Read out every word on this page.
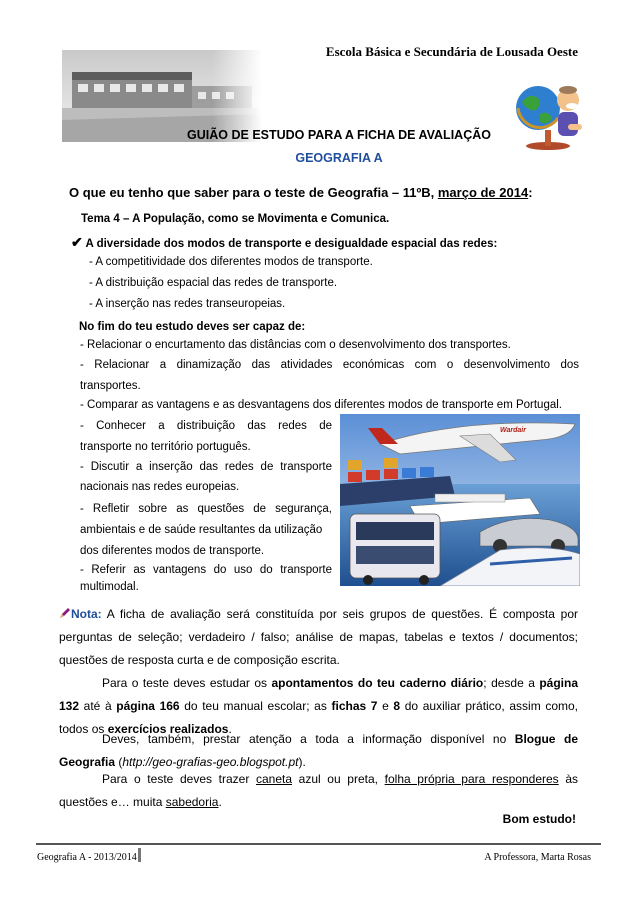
Escola Básica e Secundária de Lousada Oeste
GUIÃO DE ESTUDO PARA A FICHA DE AVALIAÇÃO
GEOGRAFIA A
O que eu tenho que saber para o teste de Geografia – 11ºB, março de 2014:
Tema 4 – A População, como se Movimenta e Comunica.
✔ A diversidade dos modos de transporte e desigualdade espacial das redes:
- A competitividade dos diferentes modos de transporte.
- A distribuição espacial das redes de transporte.
- A inserção nas redes transeuropeias.
No fim do teu estudo deves ser capaz de:
- Relacionar o encurtamento das distâncias com o desenvolvimento dos transportes.
- Relacionar a dinamização das atividades económicas com o desenvolvimento dos
transportes.
- Comparar as vantagens e as desvantagens dos diferentes modos de transporte em Portugal.
- Conhecer a distribuição das redes de
transporte no território português.
- Discutir a inserção das redes de transporte
nacionais nas redes europeias.
- Refletir sobre as questões de segurança,
ambientais e de saúde resultantes da utilização
dos diferentes modos de transporte.
- Referir as vantagens do uso do transporte
multimodal.
Wardair
Nota: A ficha de avaliação será constituída por seis grupos de questões. É composta por perguntas de seleção; verdadeiro / falso; análise de mapas, tabelas e textos / documentos; questões de resposta curta e de composição escrita.
Para o teste deves estudar os apontamentos do teu caderno diário; desde a página 132 até à página 166 do teu manual escolar; as fichas 7 e 8 do auxiliar prático, assim como, todos os exercícios realizados.
Deves, também, prestar atenção a toda a informação disponível no Blogue de Geografia (http://geo-grafias-geo.blogspot.pt).
Para o teste deves trazer caneta azul ou preta, folha própria para responderes às questões e… muita sabedoria.
Bom estudo!
Geografia A - 2013/2014	A Professora, Marta Rosas
